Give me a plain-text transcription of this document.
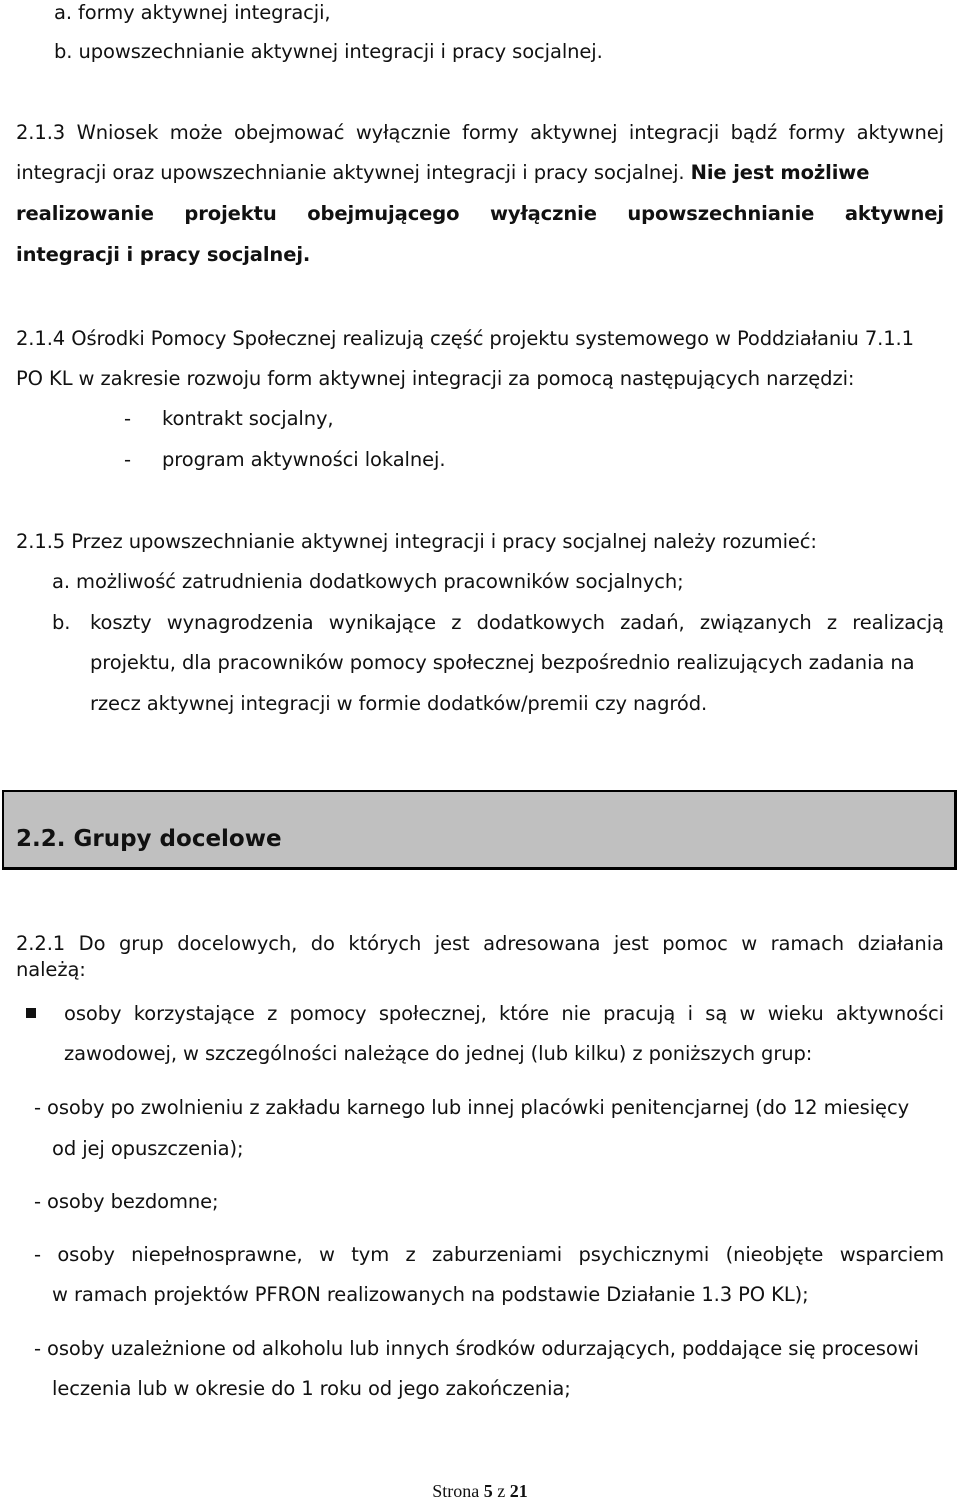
a. formy aktywnej integracji,
b. upowszechnianie aktywnej integracji i pracy socjalnej.
2.1.3 Wniosek może obejmować wyłącznie formy aktywnej integracji bądź formy aktywnej
integracji oraz upowszechnianie aktywnej integracji i pracy socjalnej. Nie jest możliwe
realizowanie projektu obejmującego wyłącznie upowszechnianie aktywnej
integracji i pracy socjalnej.
2.1.4 Ośrodki Pomocy Społecznej realizują część projektu systemowego w Poddziałaniu 7.1.1
PO KL w zakresie rozwoju form aktywnej integracji za pomocą następujących narzędzi:
- kontrakt socjalny,
- program aktywności lokalnej.
2.1.5 Przez upowszechnianie aktywnej integracji i pracy socjalnej należy rozumieć:
a. możliwość zatrudnienia dodatkowych pracowników socjalnych;
b. koszty wynagrodzenia wynikające z dodatkowych zadań, związanych z realizacją
projektu, dla pracowników pomocy społecznej bezpośrednio realizujących zadania na
rzecz aktywnej integracji w formie dodatków/premii czy nagród.
2.2. Grupy docelowe
2.2.1 Do grup docelowych, do których jest adresowana jest pomoc w ramach działania
należą:
osoby korzystające z pomocy społecznej, które nie pracują i są w wieku aktywności
zawodowej, w szczególności należące do jednej (lub kilku) z poniższych grup:
- osoby po zwolnieniu z zakładu karnego lub innej placówki penitencjarnej (do 12 miesięcy
od jej opuszczenia);
- osoby bezdomne;
- osoby niepełnosprawne, w tym z zaburzeniami psychicznymi (nieobjęte wsparciem
w ramach projektów PFRON realizowanych na podstawie Działanie 1.3 PO KL);
- osoby uzależnione od alkoholu lub innych środków odurzających, poddające się procesowi
leczenia lub w okresie do 1 roku od jego zakończenia;
Strona 5 z 21
